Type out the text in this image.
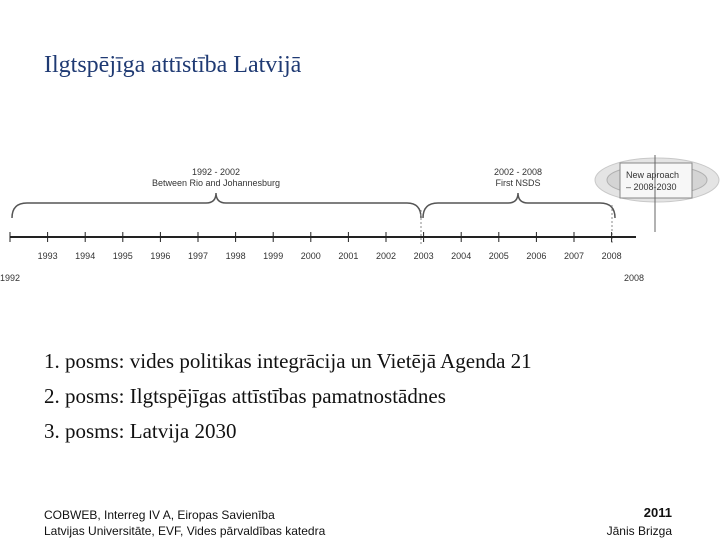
Ilgtspējīga attīstība Latvijā
1992 - 2002
Between Rio and Johannesburg
2002 - 2008
First NSDS
New aproach
– 2008-2030
1993 1994 1995 1996 1997 1998 1999 2000 2001 2002 2003 2004 2005 2006 2007 2008
1992	2008
1. posms: vides politikas integrācija un Vietējā Agenda 21
2. posms: Ilgtspējīgas attīstības pamatnostādnes
3. posms: Latvija 2030
COBWEB, Interreg IV A, Eiropas Savienība
Latvijas Universitāte, EVF, Vides pārvaldības katedra
2011
Jānis Brizga
